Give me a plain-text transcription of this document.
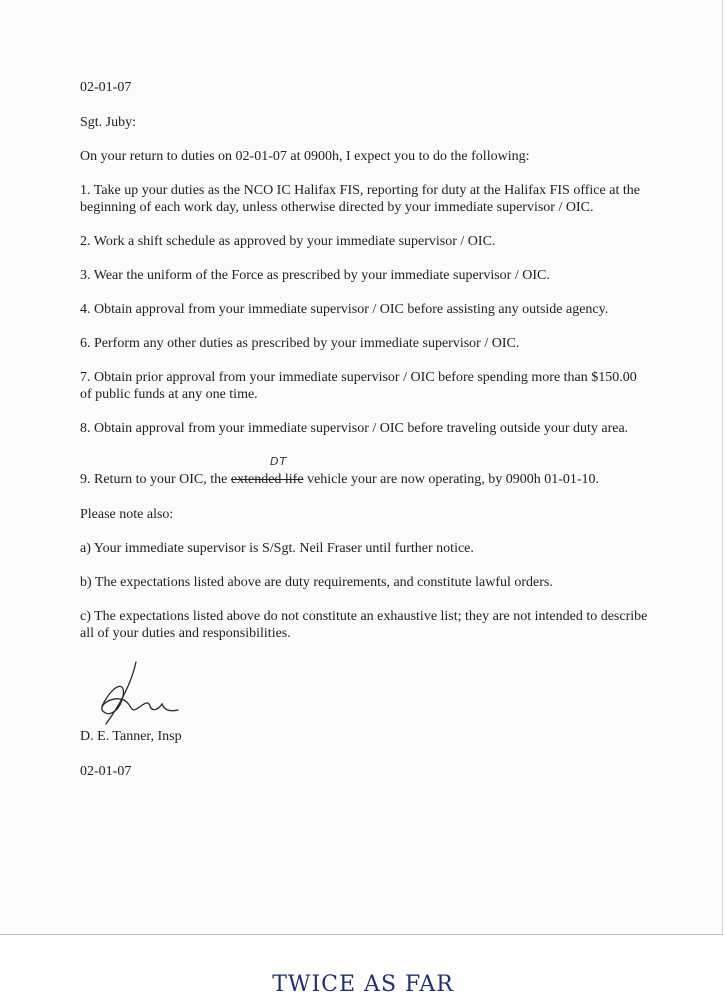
02-01-07

Sgt. Juby:

On your return to duties on 02-01-07 at 0900h, I expect you to do the following:

1. Take up your duties as the NCO IC Halifax FIS, reporting for duty at the Halifax FIS office at the beginning of each work day, unless otherwise directed by your immediate supervisor / OIC.

2. Work a shift schedule as approved by your immediate supervisor / OIC.

3. Wear the uniform of the Force as prescribed by your immediate supervisor / OIC.

4. Obtain approval from your immediate supervisor / OIC before assisting any outside agency.

6. Perform any other duties as prescribed by your immediate supervisor / OIC.

7. Obtain prior approval from your immediate supervisor / OIC before spending more than $150.00 of public funds at any one time.

8. Obtain approval from your immediate supervisor / OIC before traveling outside your duty area.

9. Return to your OIC, the extended life vehicle your are now operating, by 0900h 01-01-10.

DT

Please note also:

a) Your immediate supervisor is S/Sgt. Neil Fraser until further notice.

b) The expectations listed above are duty requirements, and constitute lawful orders.

c) The expectations listed above do not constitute an exhaustive list; they are not intended to describe all of your duties and responsibilities.

D. E. Tanner, Insp

02-01-07

TWICE AS FAR
